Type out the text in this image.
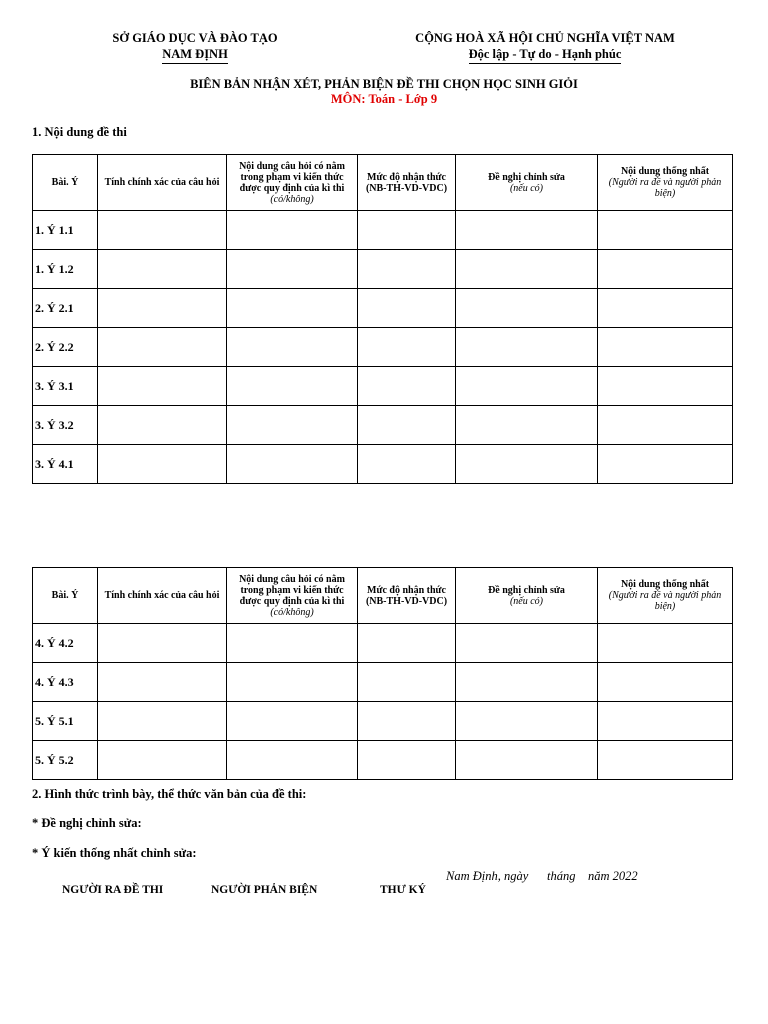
SỞ GIÁO DỤC VÀ ĐÀO TẠO
NAM ĐỊNH
CỘNG HOÀ XÃ HỘI CHỦ NGHĨA VIỆT NAM
Độc lập - Tự do - Hạnh phúc
BIÊN BẢN NHẬN XÉT, PHẢN BIỆN ĐỀ THI CHỌN HỌC SINH GIỎI
MÔN: Toán - Lớp 9
1. Nội dung đề thi
Bài. Ý	Tính chính xác của câu hỏi	Nội dung câu hỏi có nằm trong phạm vi kiến thức được quy định của kì thi
(có/không)	Mức độ nhận thức (NB-TH-VD-VDC)	Đề nghị chỉnh sửa
(nếu có)	Nội dung thống nhất
(Người ra đề và người phản biện)

1. Ý 1.1					
1. Ý 1.2					
2. Ý 2.1					
2. Ý 2.2					
3. Ý 3.1					
3. Ý 3.2					
3. Ý 4.1					
Bài. Ý	Tính chính xác của câu hỏi	Nội dung câu hỏi có nằm trong phạm vi kiến thức được quy định của kì thi
(có/không)	Mức độ nhận thức (NB-TH-VD-VDC)	Đề nghị chỉnh sửa
(nếu có)	Nội dung thống nhất
(Người ra đề và người phản biện)

4. Ý 4.2					
4. Ý 4.3					
5. Ý 5.1					
5. Ý 5.2					
2. Hình thức trình bày, thể thức văn bản của đề thi:
* Đề nghị chỉnh sửa:
* Ý kiến thống nhất chỉnh sửa:
Nam Định, ngày      tháng    năm 2022
NGƯỜI RA ĐỀ THI	NGƯỜI PHẢN BIỆN	THƯ KÝ
